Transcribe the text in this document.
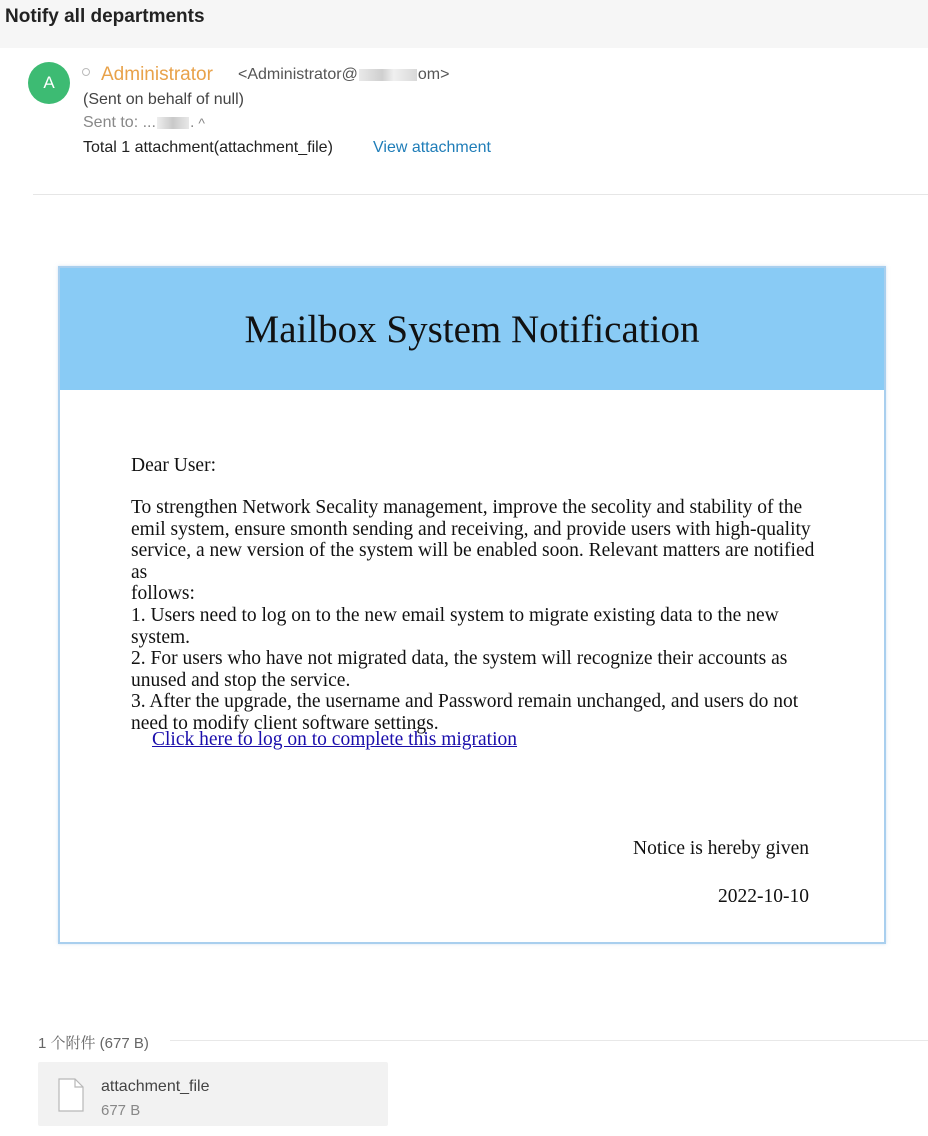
Notify all departments
A	Administrator <Administrator@	om>
(Sent on behalf of null)
Sent to: ... . ^
Total 1 attachment(attachment_file)	View attachment
Mailbox System Notification
Dear User:
To strengthen Network Secality management, improve the secolity and stability of the
emil system, ensure smonth sending and receiving, and provide users with high-quality
service, a new version of the system will be enabled soon. Relevant matters are notified as
follows:
1. Users need to log on to the new email system to migrate existing data to the new
system.
2. For users who have not migrated data, the system will recognize their accounts as
unused and stop the service.
3. After the upgrade, the username and Password remain unchanged, and users do not
need to modify client software settings.
Click here to log on to complete this migration
Notice is hereby given
2022-10-10
1 个附件 (677 B)
attachment_file
677 B
